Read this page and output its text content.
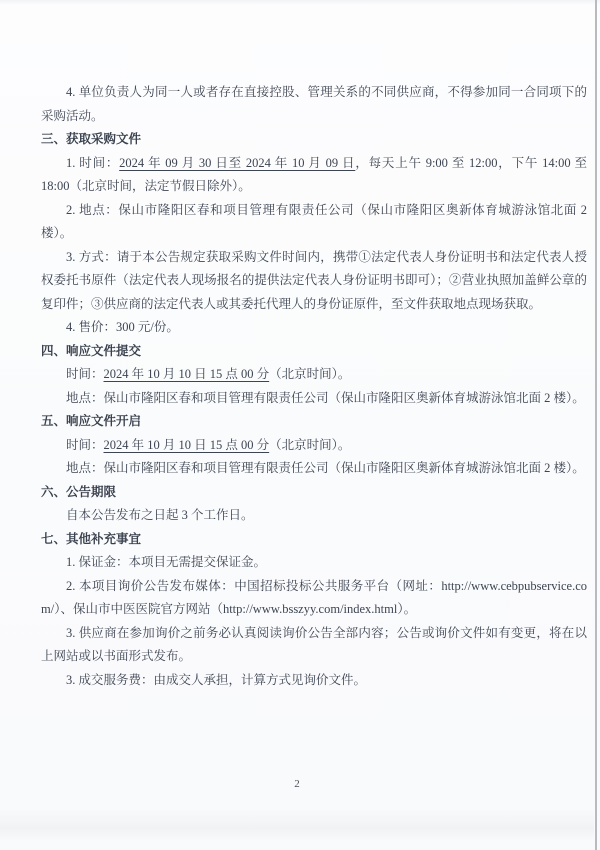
4. 单位负责人为同一人或者存在直接控股、管理关系的不同供应商，不得参加同一合同项下的采购活动。

三、获取采购文件

1. 时间：2024 年 09 月 30 日至 2024 年 10 月 09 日，每天上午 9:00 至 12:00，下午 14:00 至 18:00（北京时间，法定节假日除外）。

2. 地点：保山市隆阳区春和项目管理有限责任公司（保山市隆阳区奥新体育城游泳馆北面 2 楼）。

3. 方式：请于本公告规定获取采购文件时间内，携带①法定代表人身份证明书和法定代表人授权委托书原件（法定代表人现场报名的提供法定代表人身份证明书即可）；②营业执照加盖鲜公章的复印件；③供应商的法定代表人或其委托代理人的身份证原件，至文件获取地点现场获取。

4. 售价：300 元/份。

四、响应文件提交

时间：2024 年 10 月 10 日 15 点 00 分（北京时间）。

地点：保山市隆阳区春和项目管理有限责任公司（保山市隆阳区奥新体育城游泳馆北面 2 楼）。

五、响应文件开启

时间：2024 年 10 月 10 日 15 点 00 分（北京时间）。

地点：保山市隆阳区春和项目管理有限责任公司（保山市隆阳区奥新体育城游泳馆北面 2 楼）。

六、公告期限

自本公告发布之日起 3 个工作日。

七、其他补充事宜

1. 保证金：本项目无需提交保证金。

2. 本项目询价公告发布媒体：中国招标投标公共服务平台（网址：http://www.cebpubservice.com/）、保山市中医医院官方网站（http://www.bsszyy.com/index.html）。

3. 供应商在参加询价之前务必认真阅读询价公告全部内容；公告或询价文件如有变更，将在以上网站或以书面形式发布。

3. 成交服务费：由成交人承担，计算方式见询价文件。

2
